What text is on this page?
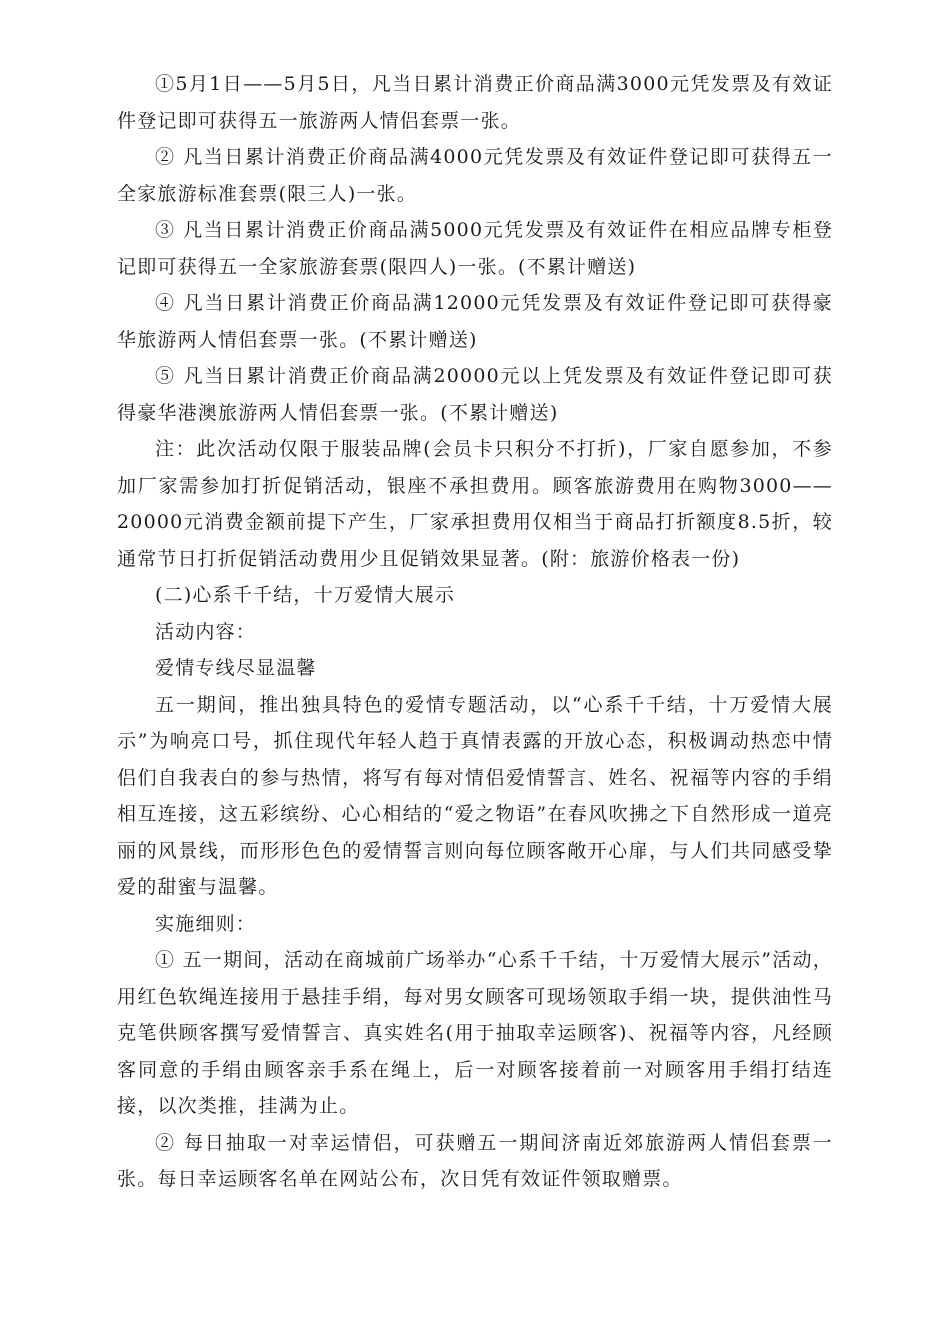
①5月1日——5月5日，凡当日累计消费正价商品满3000元凭发票及有效证件登记即可获得五一旅游两人情侣套票一张。

② 凡当日累计消费正价商品满4000元凭发票及有效证件登记即可获得五一全家旅游标准套票(限三人)一张。

③ 凡当日累计消费正价商品满5000元凭发票及有效证件在相应品牌专柜登记即可获得五一全家旅游套票(限四人)一张。(不累计赠送)

④ 凡当日累计消费正价商品满12000元凭发票及有效证件登记即可获得豪华旅游两人情侣套票一张。(不累计赠送)

⑤ 凡当日累计消费正价商品满20000元以上凭发票及有效证件登记即可获得豪华港澳旅游两人情侣套票一张。(不累计赠送)

注：此次活动仅限于服装品牌(会员卡只积分不打折)，厂家自愿参加，不参加厂家需参加打折促销活动，银座不承担费用。顾客旅游费用在购物3000——20000元消费金额前提下产生，厂家承担费用仅相当于商品打折额度8.5折，较通常节日打折促销活动费用少且促销效果显著。(附：旅游价格表一份)

(二)心系千千结，十万爱情大展示

活动内容：

爱情专线尽显温馨

五一期间，推出独具特色的爱情专题活动，以“心系千千结，十万爱情大展示”为响亮口号，抓住现代年轻人趋于真情表露的开放心态，积极调动热恋中情侣们自我表白的参与热情，将写有每对情侣爱情誓言、姓名、祝福等内容的手绢相互连接，这五彩缤纷、心心相结的“爱之物语”在春风吹拂之下自然形成一道亮丽的风景线，而形形色色的爱情誓言则向每位顾客敞开心扉，与人们共同感受挚爱的甜蜜与温馨。

实施细则：

① 五一期间，活动在商城前广场举办“心系千千结，十万爱情大展示”活动，用红色软绳连接用于悬挂手绢，每对男女顾客可现场领取手绢一块，提供油性马克笔供顾客撰写爱情誓言、真实姓名(用于抽取幸运顾客)、祝福等内容，凡经顾客同意的手绢由顾客亲手系在绳上，后一对顾客接着前一对顾客用手绢打结连接，以次类推，挂满为止。

② 每日抽取一对幸运情侣，可获赠五一期间济南近郊旅游两人情侣套票一张。每日幸运顾客名单在网站公布，次日凭有效证件领取赠票。
